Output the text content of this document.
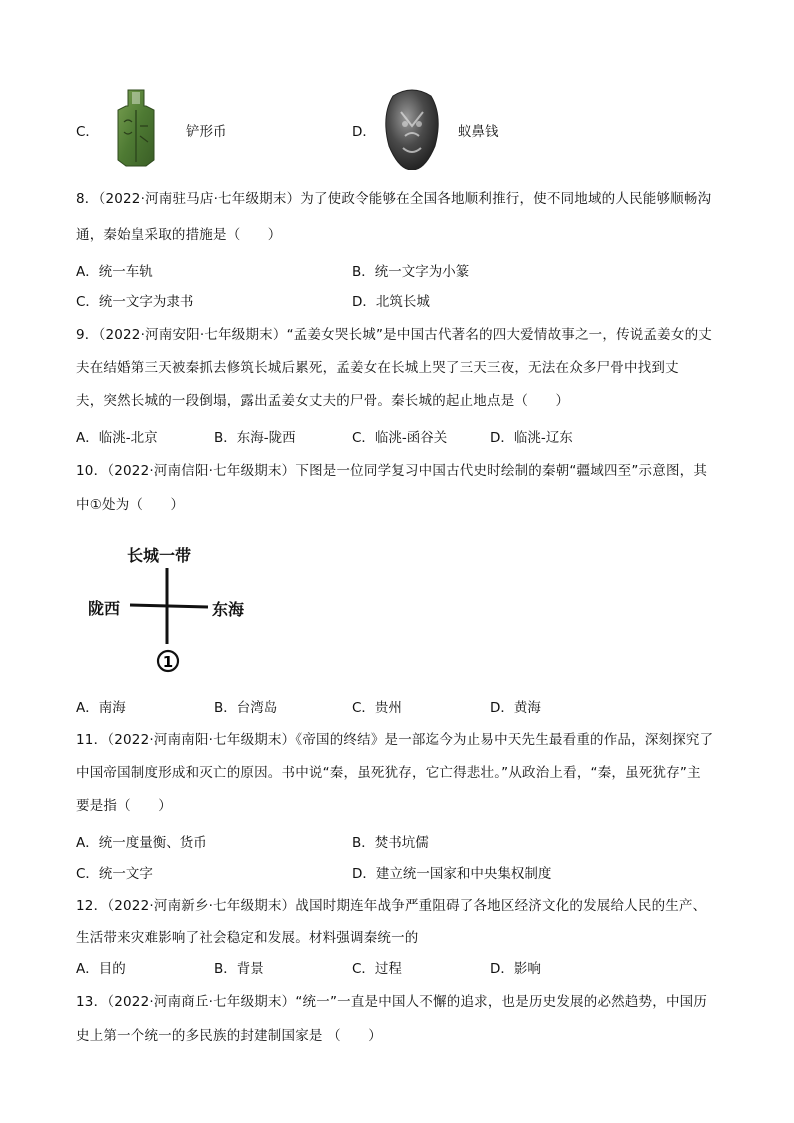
C．	铲形币	D．	蚁鼻钱
8．（2022·河南驻马店·七年级期末）为了使政令能够在全国各地顺利推行，使不同地域的人民能够顺畅沟
通，秦始皇采取的措施是（　　）
A．统一车轨	B．统一文字为小篆
C．统一文字为隶书	D．北筑长城
9．（2022·河南安阳·七年级期末）“孟姜女哭长城”是中国古代著名的四大爱情故事之一，传说孟姜女的丈
夫在结婚第三天被秦抓去修筑长城后累死，孟姜女在长城上哭了三天三夜，无法在众多尸骨中找到丈
夫，突然长城的一段倒塌，露出孟姜女丈夫的尸骨。秦长城的起止地点是（　　）
A．临洮-北京	B．东海-陇西	C．临洮-函谷关	D．临洮-辽东
10．（2022·河南信阳·七年级期末）下图是一位同学复习中国古代史时绘制的秦朝“疆域四至”示意图，其
中①处为（　　）
1
长城一带
陇西	东海
A．南海	B．台湾岛	C．贵州	D．黄海
11．（2022·河南南阳·七年级期末）《帝国的终结》是一部迄今为止易中天先生最看重的作品，深刻探究了
中国帝国制度形成和灭亡的原因。书中说“秦，虽死犹存，它亡得悲壮。”从政治上看，“秦，虽死犹存”主
要是指（　　）
A．统一度量衡、货币	B．焚书坑儒
C．统一文字	D．建立统一国家和中央集权制度
12．（2022·河南新乡·七年级期末）战国时期连年战争严重阻碍了各地区经济文化的发展给人民的生产、
生活带来灾难影响了社会稳定和发展。材料强调秦统一的
A．目的	B．背景	C．过程	D．影响
13．（2022·河南商丘·七年级期末）“统一”一直是中国人不懈的追求，也是历史发展的必然趋势，中国历
史上第一个统一的多民族的封建制国家是 （　　）
